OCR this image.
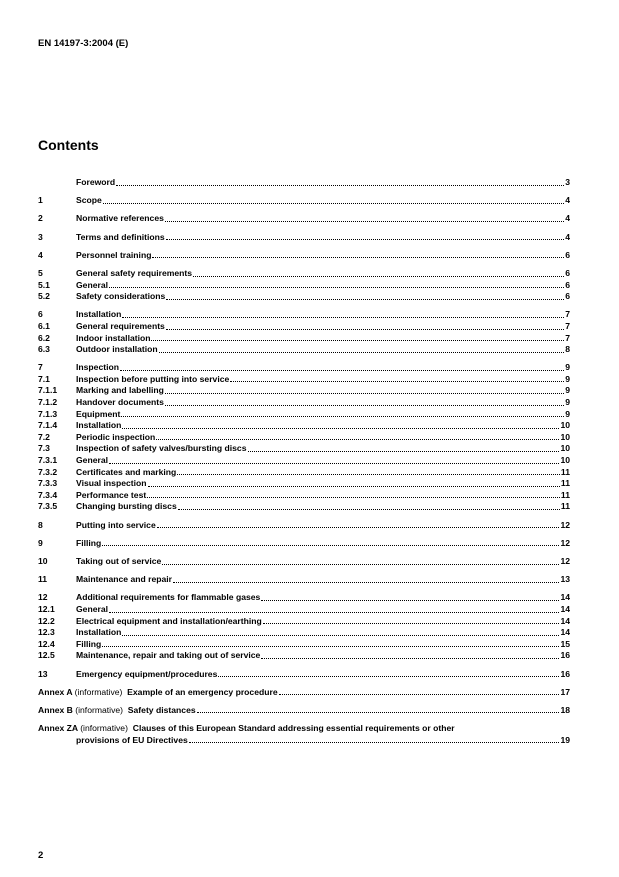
EN 14197-3:2004 (E)
Contents
Foreword	3
1	Scope	4
2	Normative references	4
3	Terms and definitions	4
4	Personnel training	6
5	General safety requirements	6
5.1	General	6
5.2	Safety considerations	6
6	Installation	7
6.1	General requirements	7
6.2	Indoor installation	7
6.3	Outdoor installation	8
7	Inspection	9
7.1	Inspection before putting into service	9
7.1.1	Marking and labelling	9
7.1.2	Handover documents	9
7.1.3	Equipment	9
7.1.4	Installation	10
7.2	Periodic inspection	10
7.3	Inspection of safety valves/bursting discs	10
7.3.1	General	10
7.3.2	Certificates and marking	11
7.3.3	Visual inspection	11
7.3.4	Performance test	11
7.3.5	Changing bursting discs	11
8	Putting into service	12
9	Filling	12
10	Taking out of service	12
11	Maintenance and repair	13
12	Additional requirements for flammable gases	14
12.1	General	14
12.2	Electrical equipment and installation/earthing	14
12.3	Installation	14
12.4	Filling	15
12.5	Maintenance, repair and taking out of service	16
13	Emergency equipment/procedures	16
Annex A (informative) Example of an emergency procedure	17
Annex B (informative) Safety distances	18
Annex ZA (informative) Clauses of this European Standard addressing essential requirements or other
provisions of EU Directives	19
2
